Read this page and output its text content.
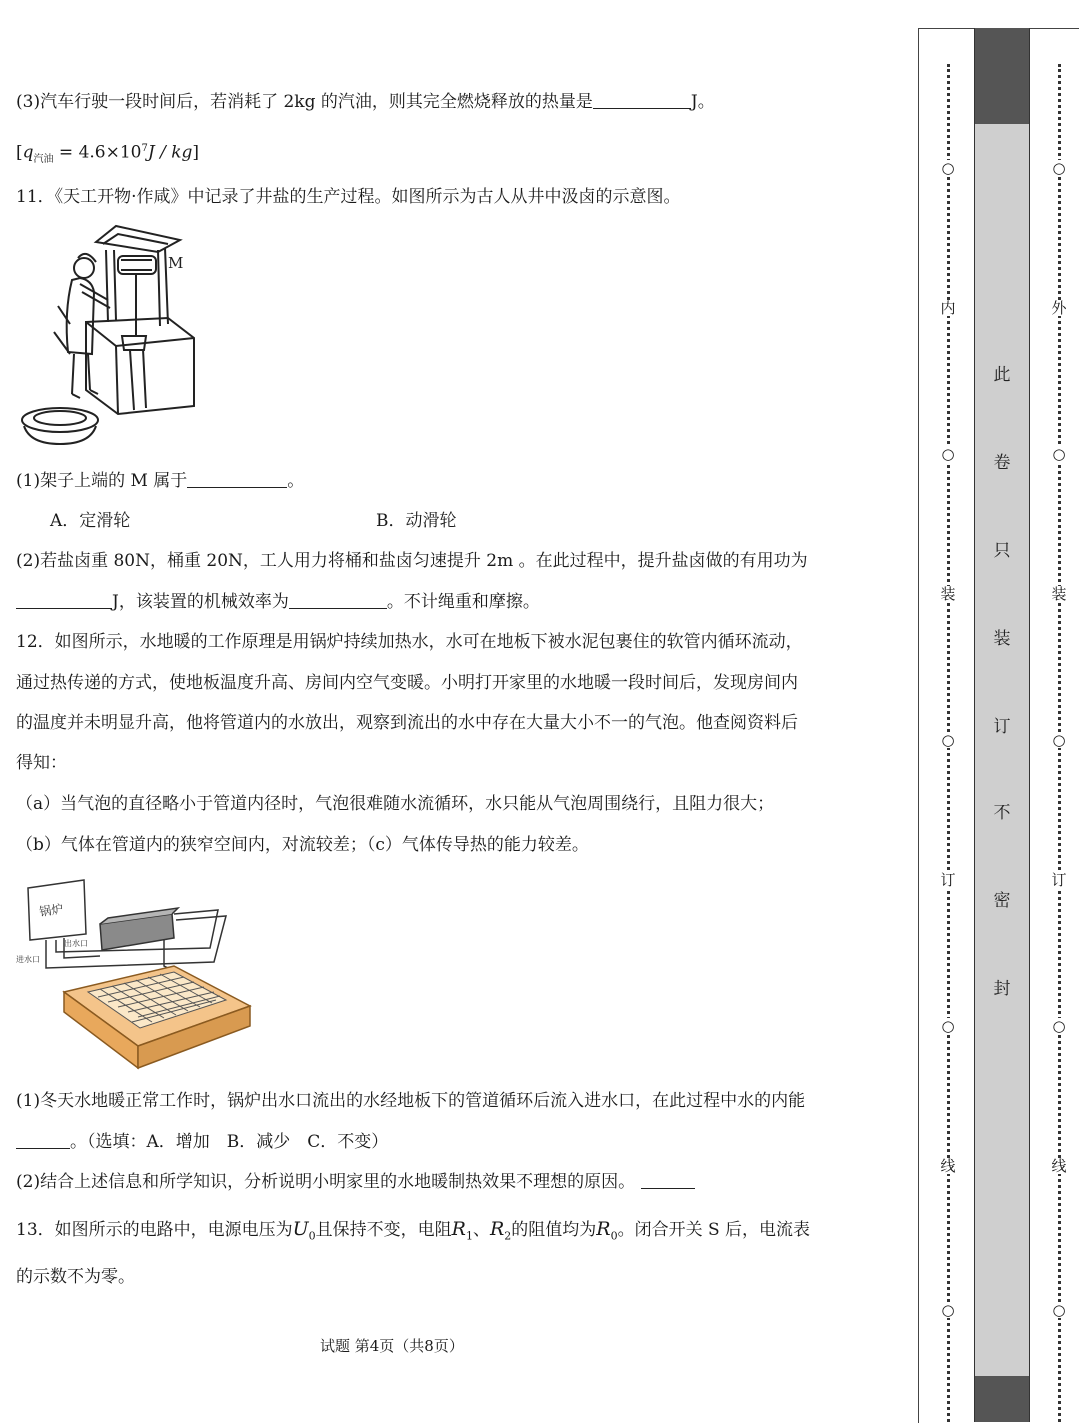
(3)汽车行驶一段时间后，若消耗了 2kg 的汽油，则其完全燃烧释放的热量是	J。
$[q_{汽油} = 4.6\times 10^7J / kg]$
11．《天工开物·作咸》中记录了井盐的生产过程。如图所示为古人从井中汲卤的示意图。
M
(1)架子上端的 M 属于	。
A．定滑轮	B．动滑轮
(2)若盐卤重 80N，桶重 20N，工人用力将桶和盐卤匀速提升 2m 。在此过程中，提升盐卤做的有用功为
J，该装置的机械效率为	。不计绳重和摩擦。
12．如图所示，水地暖的工作原理是用锅炉持续加热水，水可在地板下被水泥包裹住的软管内循环流动，
通过热传递的方式，使地板温度升高、房间内空气变暖。小明打开家里的水地暖一段时间后，发现房间内
的温度并未明显升高，他将管道内的水放出，观察到流出的水中存在大量大小不一的气泡。他查阅资料后
得知：
（a）当气泡的直径略小于管道内径时，气泡很难随水流循环，水只能从气泡周围绕行，且阻力很大；
（b）气体在管道内的狭窄空间内，对流较差；（c）气体传导热的能力较差。
锅炉
出水口
进水口
(1)冬天水地暖正常工作时，锅炉出水口流出的水经地板下的管道循环后流入进水口，在此过程中水的内能
。（选填：A．增加　B．减少　C．不变）
(2)结合上述信息和所学知识，分析说明小明家里的水地暖制热效果不理想的原因。
13．如图所示的电路中，电源电压为$U_0$且保持不变，电阻$R_1$、$R_2$的阻值均为$R_0$。闭合开关 S 后，电流表
的示数不为零。
试题 第4页（共8页）
此
卷
只
装
订
不
密
封
○
内
○
装
○
订
○
线
○
○
外
○
装
○
订
○
线
○
